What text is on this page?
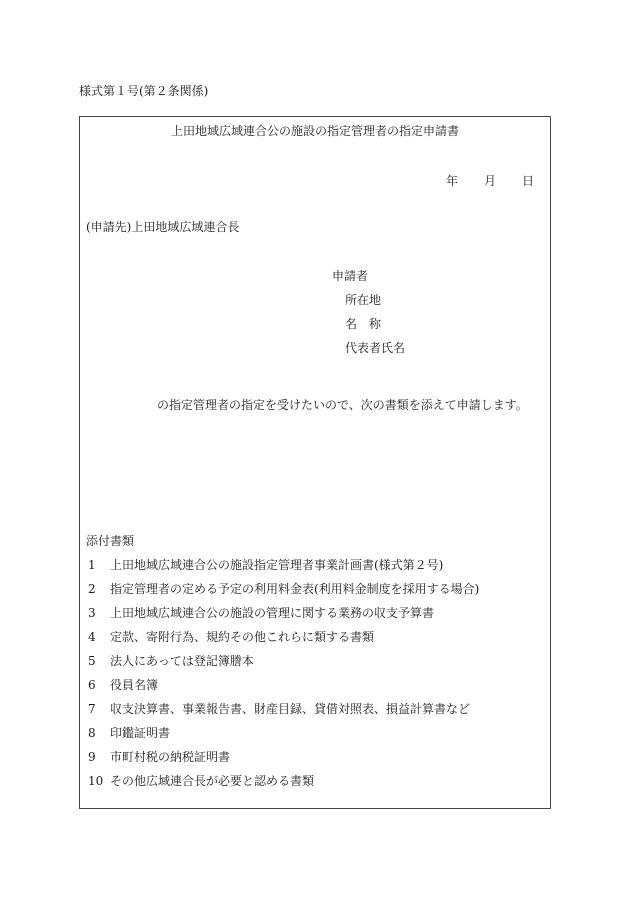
様式第１号(第２条関係)
上田地域広域連合公の施設の指定管理者の指定申請書
年 月 日
(申請先)上田地域広域連合長
申請者
所在地
名　称
代表者氏名
の指定管理者の指定を受けたいので、次の書類を添えて申請します。
添付書類
1 上田地域広域連合公の施設指定管理者事業計画書(様式第２号)
2 指定管理者の定める予定の利用料金表(利用料金制度を採用する場合)
3 上田地域広域連合公の施設の管理に関する業務の収支予算書
4 定款、寄附行為、規約その他これらに類する書類
5 法人にあっては登記簿謄本
6 役員名簿
7 収支決算書、事業報告書、財産目録、貸借対照表、損益計算書など
8 印鑑証明書
9 市町村税の納税証明書
10 その他広域連合長が必要と認める書類
